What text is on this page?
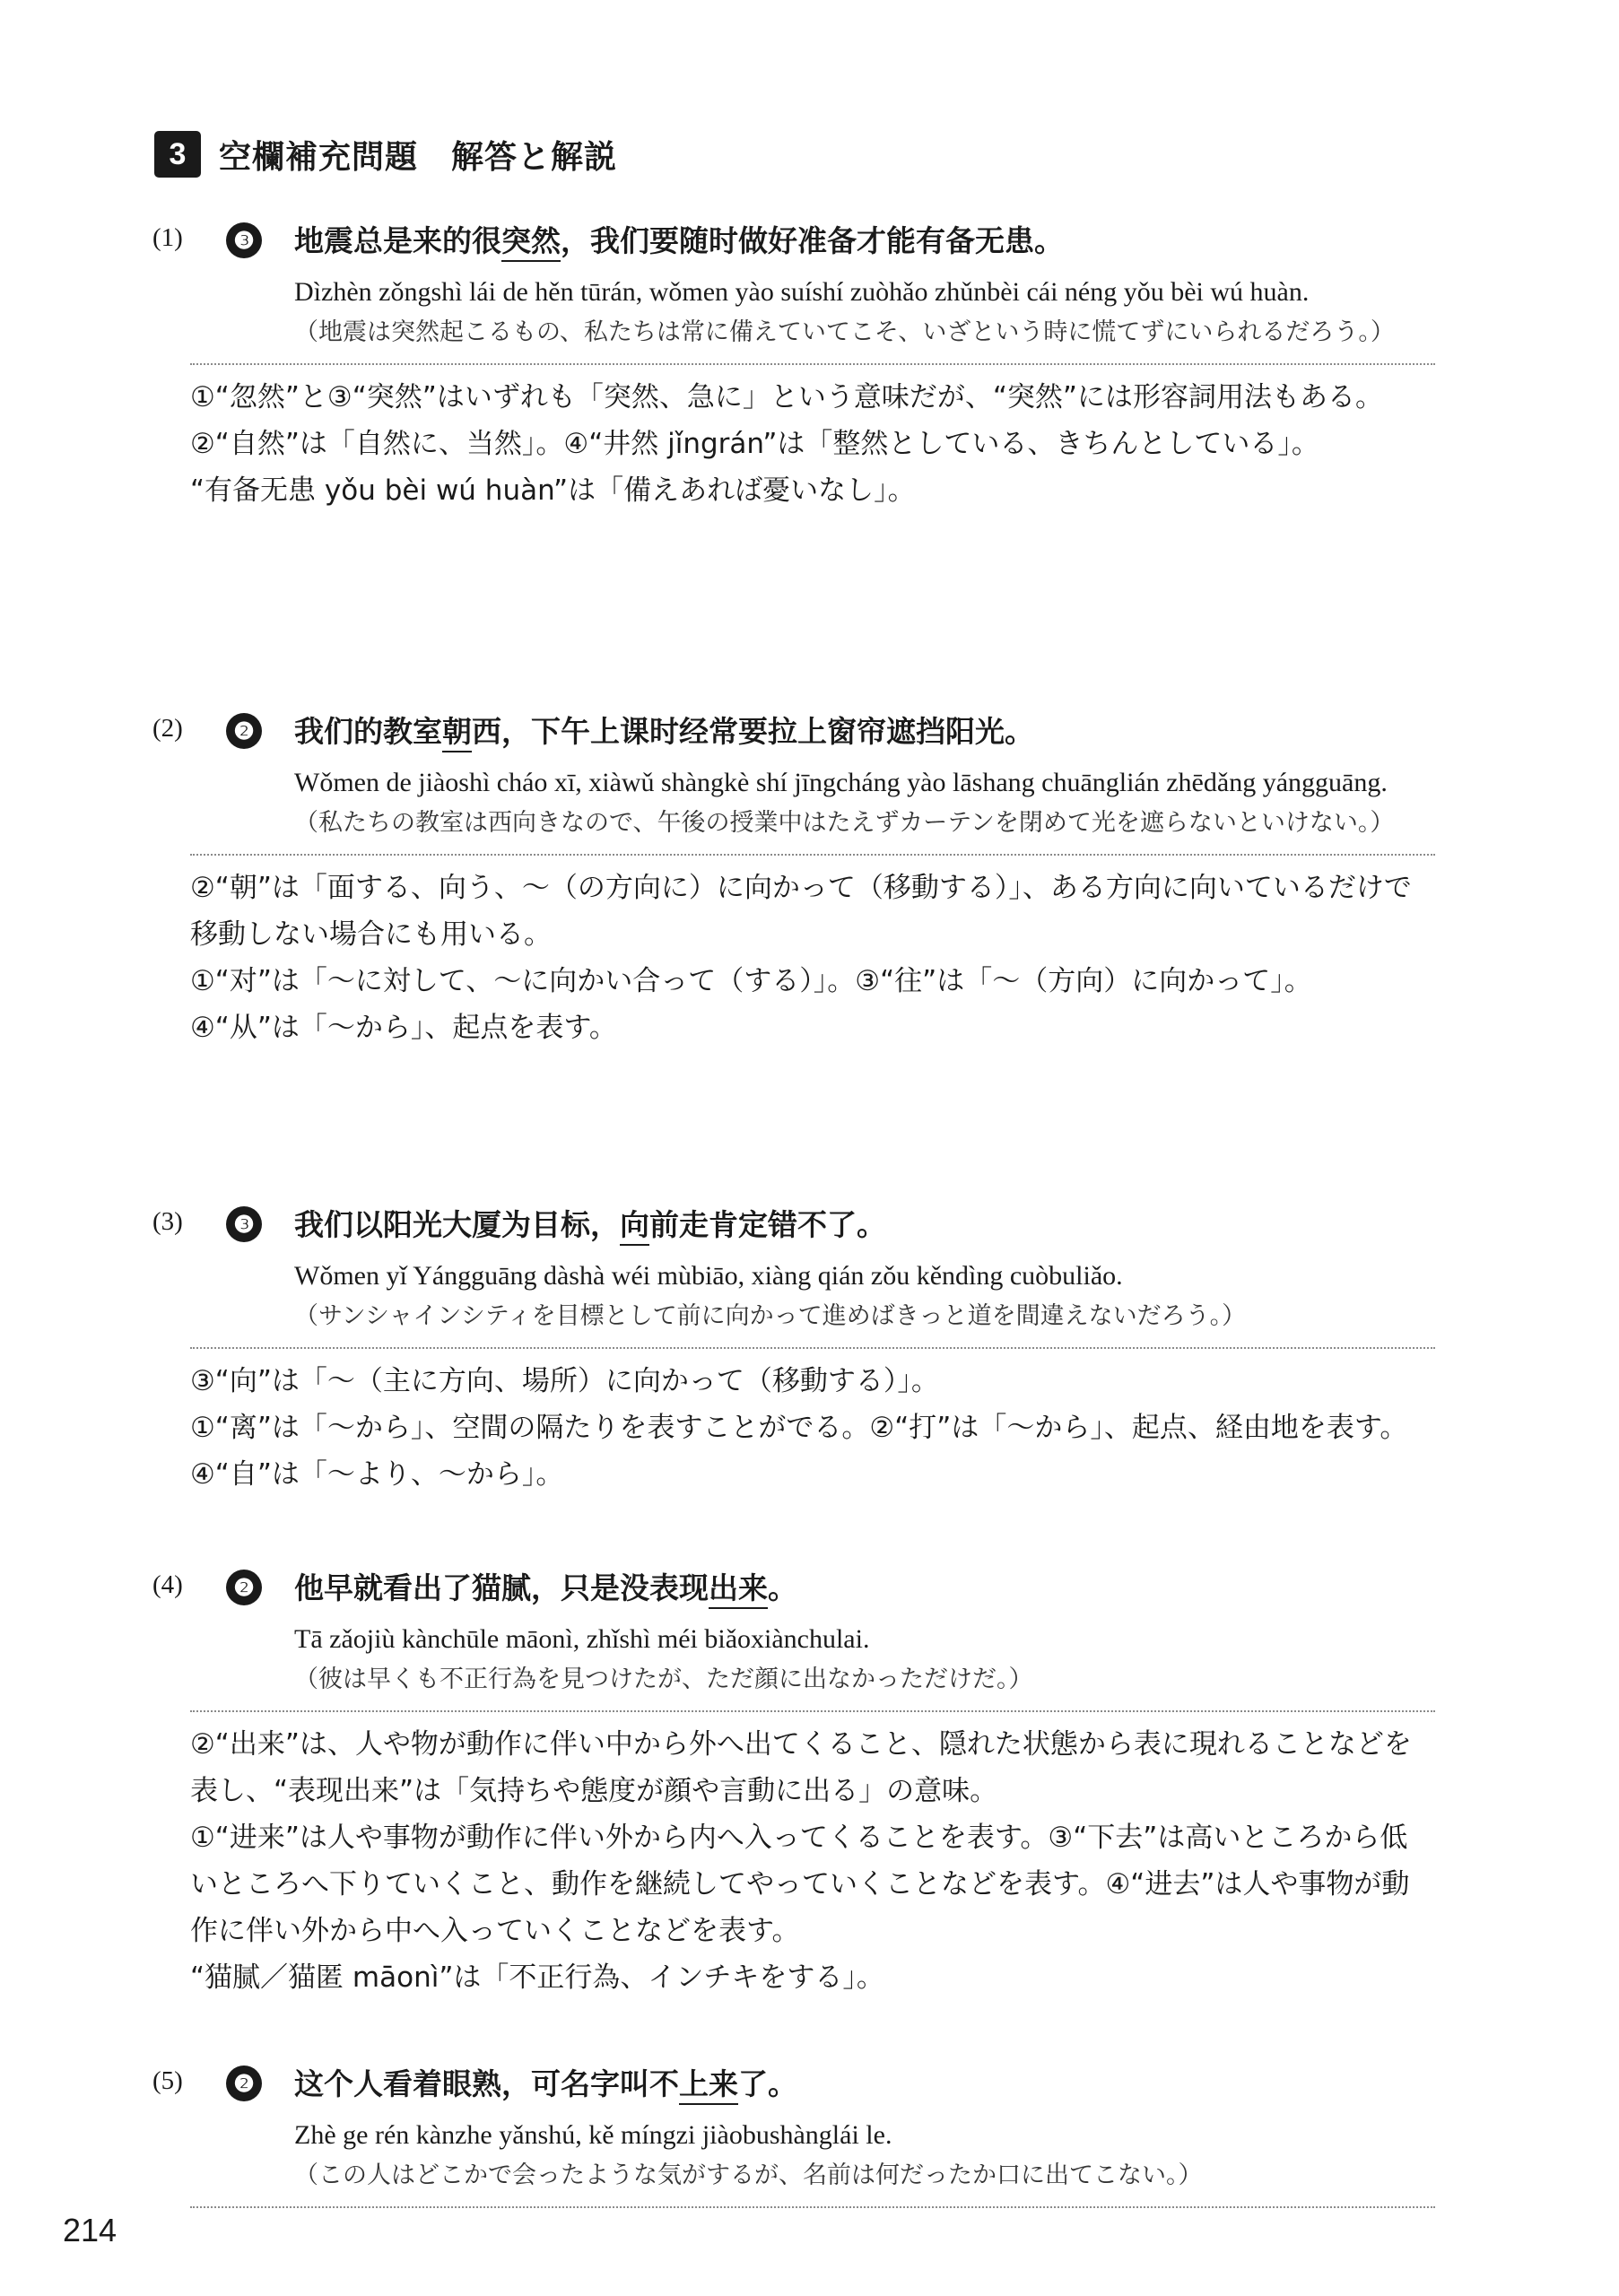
3	空欄補充問題　解答と解説
(1)	❸ 地震总是来的很突然，我们要随时做好准备才能有备无患。
Dìzhèn zǒngshì lái de hěn tūrán, wǒmen yào suíshí zuòhǎo zhǔnbèi cái néng yǒu bèi wú huàn.
（地震は突然起こるもの、私たちは常に備えていてこそ、いざという時に慌てずにいられるだろう。）

①“忽然”と③“突然”はいずれも「突然、急に」という意味だが、“突然”には形容詞用法もある。

②“自然”は「自然に、当然」。④“井然 jǐngrán”は「整然としている、きちんとしている」。

“有备无患 yǒu bèi wú huàn”は「備えあれば憂いなし」。

(2)	❷ 我们的教室朝西，下午上课时经常要拉上窗帘遮挡阳光。
Wǒmen de jiàoshì cháo xī, xiàwǔ shàngkè shí jīngcháng yào lāshang chuānglián zhēdǎng yángguāng.
（私たちの教室は西向きなので、午後の授業中はたえずカーテンを閉めて光を遮らないといけない。）

②“朝”は「面する、向う、～（の方向に）に向かって（移動する）」、ある方向に向いているだけで移動しない場合にも用いる。

①“对”は「～に対して、～に向かい合って（する）」。③“往”は「～（方向）に向かって」。

④“从”は「～から」、起点を表す。

(3)	❸ 我们以阳光大厦为目标，向前走肯定错不了。
Wǒmen yǐ Yángguāng dàshà wéi mùbiāo, xiàng qián zǒu kěndìng cuòbuliǎo.
（サンシャインシティを目標として前に向かって進めばきっと道を間違えないだろう。）

③“向”は「～（主に方向、場所）に向かって（移動する）」。

①“离”は「～から」、空間の隔たりを表すことがでる。②“打”は「～から」、起点、経由地を表す。④“自”は「～より、～から」。

(4)	❷ 他早就看出了猫腻，只是没表现出来。
Tā zǎojiù kànchūle māonì, zhǐshì méi biǎoxiànchulai.
（彼は早くも不正行為を見つけたが、ただ顔に出なかっただけだ。）

②“出来”は、人や物が動作に伴い中から外へ出てくること、隠れた状態から表に現れることなどを表し、“表现出来”は「気持ちや態度が顔や言動に出る」の意味。

①“进来”は人や事物が動作に伴い外から内へ入ってくることを表す。③“下去”は高いところから低いところへ下りていくこと、動作を継続してやっていくことなどを表す。④“进去”は人や事物が動作に伴い外から中へ入っていくことなどを表す。

“猫腻／猫匿 māonì”は「不正行為、インチキをする」。

(5)	❷ 这个人看着眼熟，可名字叫不上来了。
Zhè ge rén kànzhe yǎnshú, kě míngzi jiàobushànglái le.
（この人はどこかで会ったような気がするが、名前は何だったか口に出てこない。）
214
